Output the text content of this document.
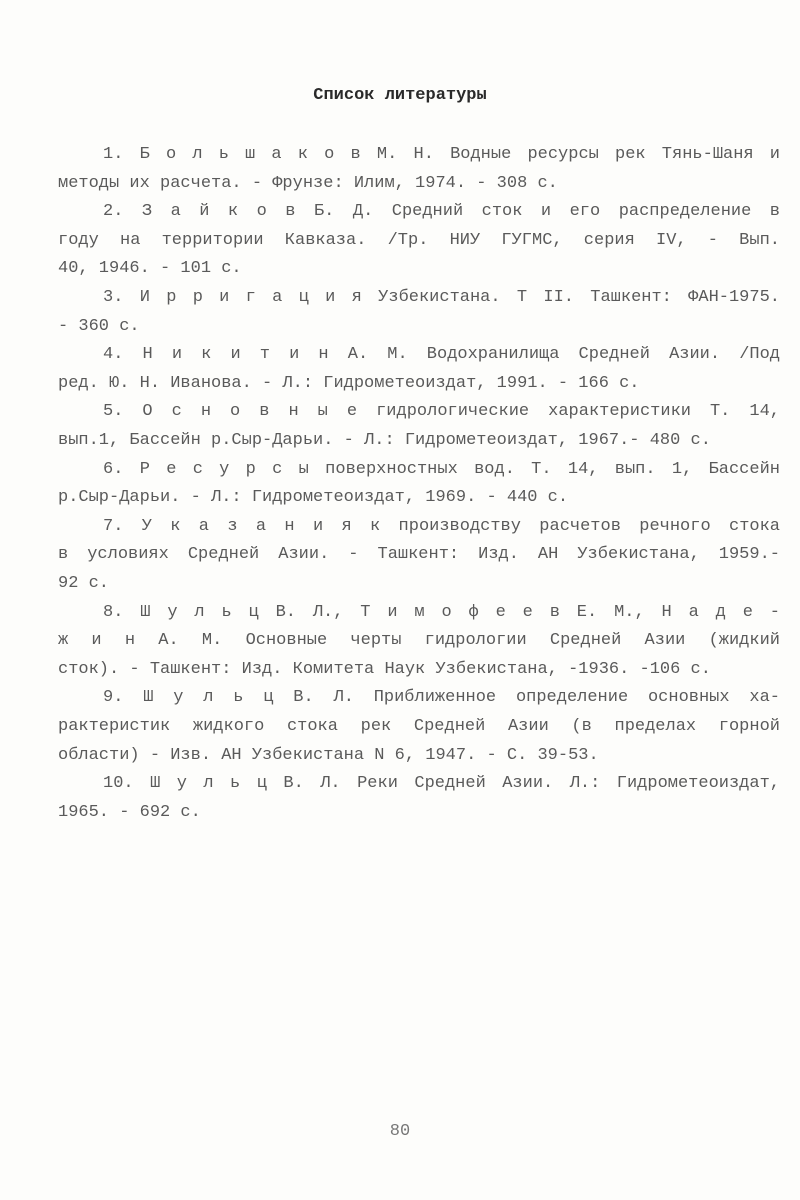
Список литературы
1. Б о л ь ш а к о в М. Н. Водные ресурсы рек Тянь-Шаня и
методы их расчета. - Фрунзе: Илим, 1974. - 308 с.
2. З а й к о в Б. Д. Средний сток и его распределение в
году на территории Кавказа. /Тр. НИУ ГУГМС, серия IV, - Вып.
40, 1946. - 101 с.
3. И р р и г а ц и я Узбекистана. Т II. Ташкент: ФАН-1975.
- 360 с.
4. Н и к и т и н А. М. Водохранилища Средней Азии. /Под
ред. Ю. Н. Иванова. - Л.: Гидрометеоиздат, 1991. - 166 с.
5. О с н о в н ы е гидрологические характеристики Т. 14,
вып.1, Бассейн р.Сыр-Дарьи. - Л.: Гидрометеоиздат, 1967.- 480 с.
6. Р е с у р с ы поверхностных вод. Т. 14, вып. 1, Бассейн
р.Сыр-Дарьи. - Л.: Гидрометеоиздат, 1969. - 440 с.
7. У к а з а н и я к производству расчетов речного стока
в условиях Средней Азии. - Ташкент: Изд. АН Узбекистана, 1959.-
92 с.
8. Ш у л ь ц В. Л., Т и м о ф е е в Е. М., Н а д е -
ж и н А. М. Основные черты гидрологии Средней Азии (жидкий
сток). - Ташкент: Изд. Комитета Наук Узбекистана, -1936. -106 с.
9. Ш у л ь ц В. Л. Приближенное определение основных ха-
рактеристик жидкого стока рек Средней Азии (в пределах горной
области) - Изв. АН Узбекистана N 6, 1947. - С. 39-53.
10. Ш у л ь ц В. Л. Реки Средней Азии. Л.: Гидрометеоиздат,
1965. - 692 с.
80
